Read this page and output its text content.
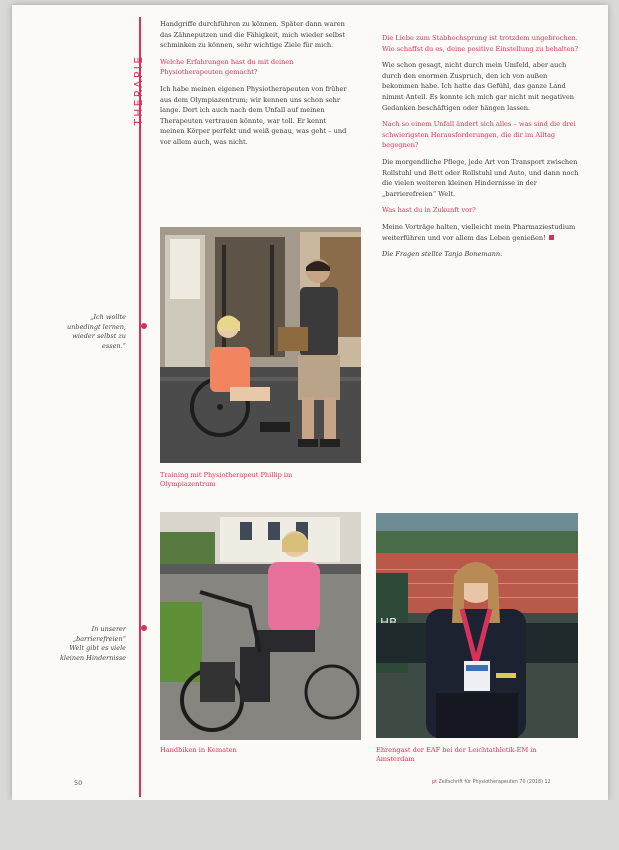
THERAPIE

Handgriffe durchführen zu können. Später dann waren das Zähneputzen und die Fähigkeit, mich wieder selbst schminken zu können, sehr wichtige Ziele für mich.

Welche Erfahrungen hast du mit deinen Physiotherapeuten gemacht?

Ich habe meinen eigenen Physiotherapeuten von früher aus dem Olympiazentrum; wir kennen uns schon sehr lange. Dort ich auch nach dem Unfall auf meinen Therapeuten vertrauen könnte, war toll. Er kennt meinen Körper perfekt und weiß genau, was geht – und vor allem auch, was nicht.

Die Liebe zum Stabhochsprung ist trotzdem ungebrochen. Wie schaffst du es, deine positive Einstellung zu behalten?

Wie schon gesagt, nicht durch mein Umfeld, aber auch durch den enormen Zuspruch, den ich von außen bekommen habe. Ich hatte das Gefühl, das ganze Land nimmt Anteil. Es konnte ich mich gar nicht mit negativen Gedanken beschäftigen oder hängen lassen.

Nach so einem Unfall ändert sich alles – was sind die drei schwierigsten Herausforderungen, die dir im Alltag begegnen?

Die morgendliche Pflege, jede Art von Transport zwischen Rollstuhl und Bett oder Rollstuhl und Auto, und dann noch die vielen weiteren kleinen Hindernisse in der „barrierefreien“ Welt.

Was hast du in Zukunft vor?

Meine Vorträge halten, vielleicht mein Pharmaziestudium weiterführen und vor allem das Leben genießen!

Die Fragen stellte Tanja Bonemann.

„Ich wollte unbedingt lernen, wieder selbst zu essen.“
In unserer „barrierefreien“ Welt gibt es viele kleinen Hindernisse
Training mit Physiotherapeut Phillip im Olympiazentrum
Handbiken in Kematen	Ehrengast der EAF bei der Leichtathletik-EM in Amsterdam
50	pt Zeitschrift für Physiotherapeuten 70 (2018) 12
